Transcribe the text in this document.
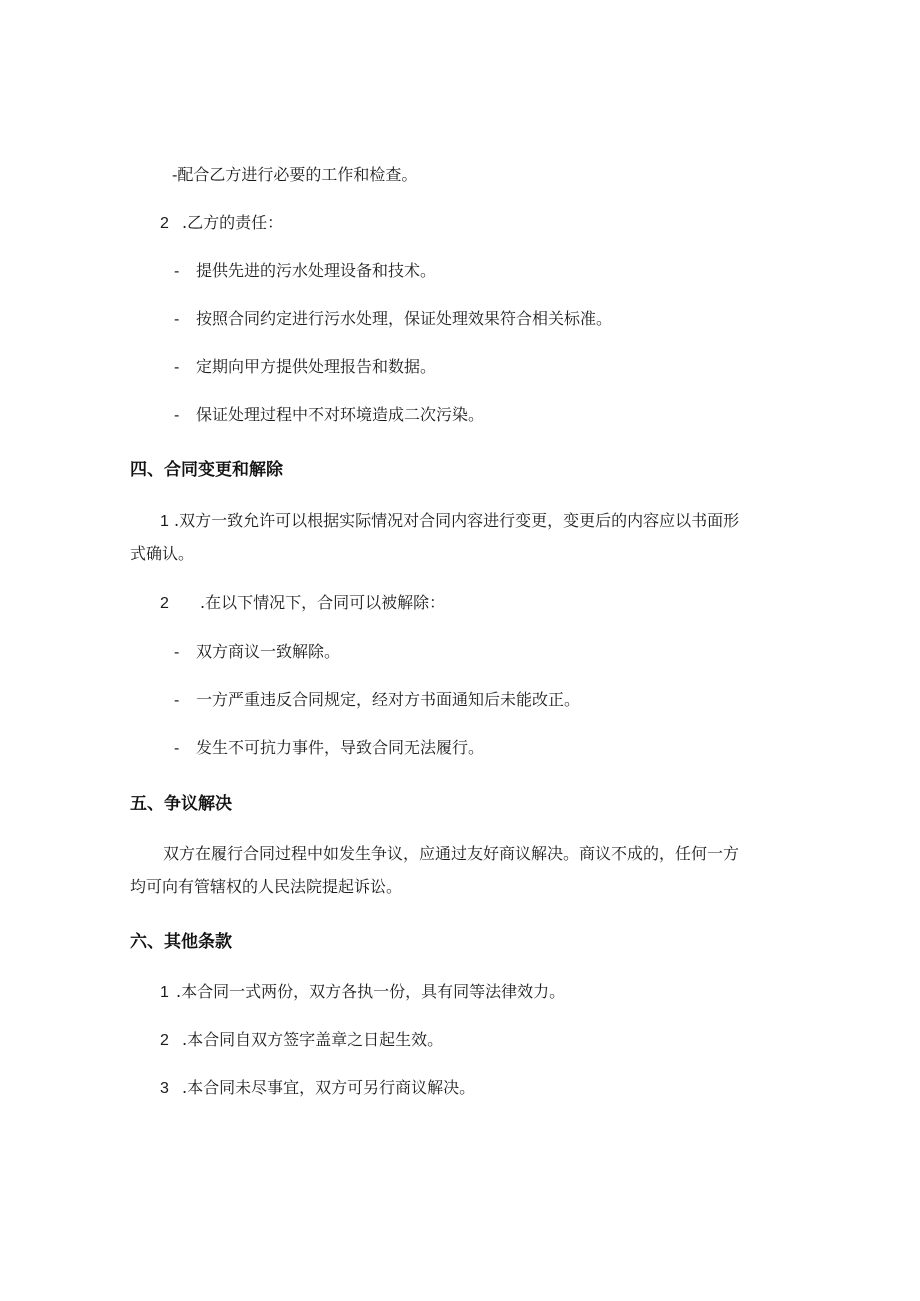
-配合乙方进行必要的工作和检查。
2 .乙方的责任：
- 提供先进的污水处理设备和技术。
- 按照合同约定进行污水处理，保证处理效果符合相关标准。
- 定期向甲方提供处理报告和数据。
- 保证处理过程中不对环境造成二次污染。
四、合同变更和解除
1 .双方一致允许可以根据实际情况对合同内容进行变更，变更后的内容应以书面形
式确认。
2 .在以下情况下，合同可以被解除：
- 双方商议一致解除。
- 一方严重违反合同规定，经对方书面通知后未能改正。
- 发生不可抗力事件，导致合同无法履行。
五、争议解决
双方在履行合同过程中如发生争议，应通过友好商议解决。商议不成的，任何一方
均可向有管辖权的人民法院提起诉讼。
六、其他条款
1 .本合同一式两份，双方各执一份，具有同等法律效力。
2 .本合同自双方签字盖章之日起生效。
3 .本合同未尽事宜，双方可另行商议解决。
